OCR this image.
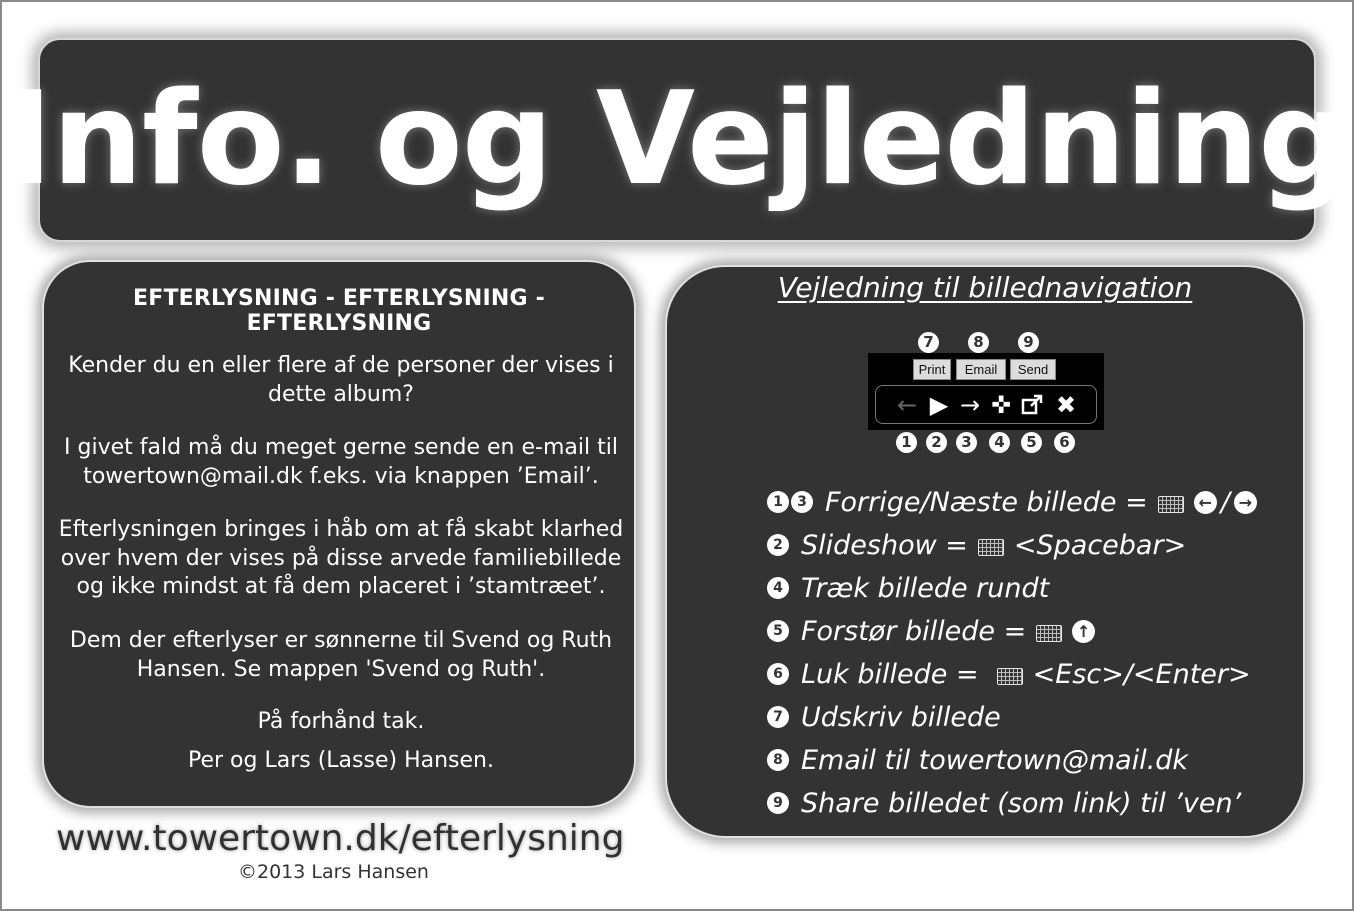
Info. og Vejledning
EFTERLYSNING - EFTERLYSNING - EFTERLYSNING
Kender du en eller flere af de personer der vises i dette album?
I givet fald må du meget gerne sende en e-mail til towertown@mail.dk f.eks. via knappen ’Email’.
Efterlysningen bringes i håb om at få skabt klarhed over hvem der vises på disse arvede familiebillede og ikke mindst at få dem placeret i ’stamtræet’.
Dem der efterlyser er sønnerne til Svend og Ruth Hansen. Se mappen 'Svend og Ruth'.
På forhånd tak.
Per og Lars (Lasse) Hansen.
Vejledning til billednavigation
7	8	9
Print	Email	Send
← ▶ → ✜ ✖
1	2	3	4	5	6
1	3 Forrige/Næste billede =	← / →
2 Slideshow = <Spacebar>
4 Træk billede rundt
5 Forstør billede =	↑
6 Luk billede = <Esc>/<Enter>
7 Udskriv billede
8 Email til towertown@mail.dk
9 Share billedet (som link) til ’ven’
www.towertown.dk/efterlysning
©2013 Lars Hansen
